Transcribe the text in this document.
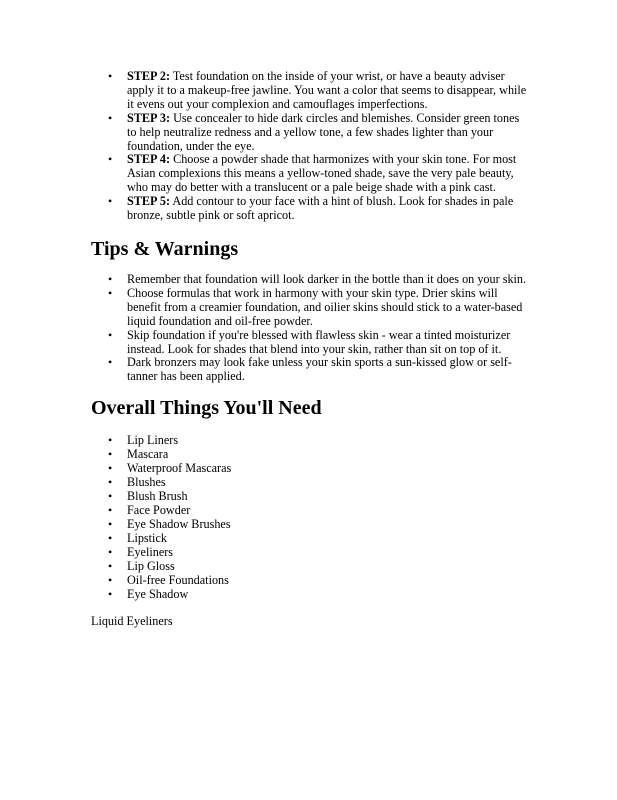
• STEP 2: Test foundation on the inside of your wrist, or have a beauty adviser apply it to a makeup-free jawline. You want a color that seems to disappear, while it evens out your complexion and camouflages imperfections.
• STEP 3: Use concealer to hide dark circles and blemishes. Consider green tones to help neutralize redness and a yellow tone, a few shades lighter than your foundation, under the eye.
• STEP 4: Choose a powder shade that harmonizes with your skin tone. For most Asian complexions this means a yellow-toned shade, save the very pale beauty, who may do better with a translucent or a pale beige shade with a pink cast.
• STEP 5: Add contour to your face with a hint of blush. Look for shades in pale bronze, subtle pink or soft apricot.
Tips & Warnings
• Remember that foundation will look darker in the bottle than it does on your skin.
• Choose formulas that work in harmony with your skin type. Drier skins will benefit from a creamier foundation, and oilier skins should stick to a water-based liquid foundation and oil-free powder.
• Skip foundation if you're blessed with flawless skin - wear a tinted moisturizer instead. Look for shades that blend into your skin, rather than sit on top of it.
• Dark bronzers may look fake unless your skin sports a sun-kissed glow or self-tanner has been applied.
Overall Things You'll Need
• Lip Liners
• Mascara
• Waterproof Mascaras
• Blushes
• Blush Brush
• Face Powder
• Eye Shadow Brushes
• Lipstick
• Eyeliners
• Lip Gloss
• Oil-free Foundations
• Eye Shadow
Liquid Eyeliners
